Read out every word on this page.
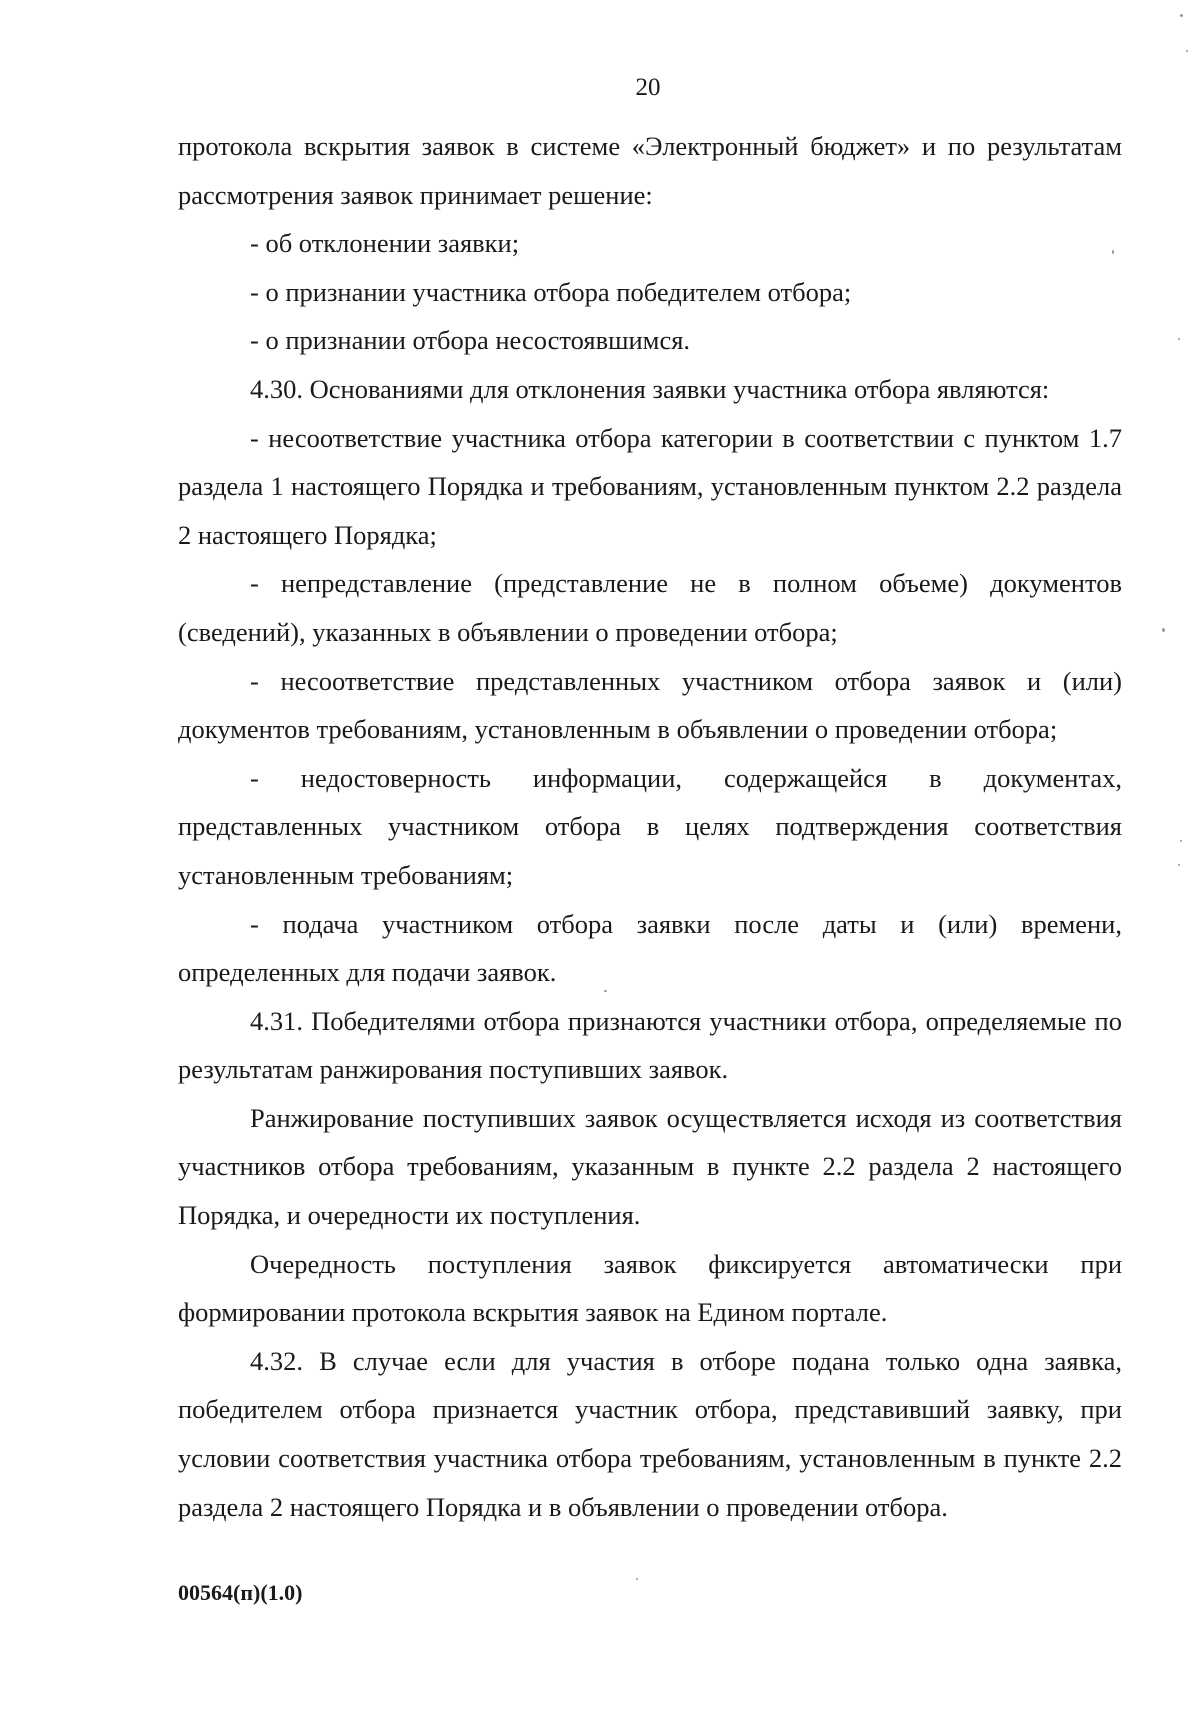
20

протокола вскрытия заявок в системе «Электронный бюджет» и по результатам рассмотрения заявок принимает решение:

- об отклонении заявки;

- о признании участника отбора победителем отбора;

- о признании отбора несостоявшимся.

4.30. Основаниями для отклонения заявки участника отбора являются:

- несоответствие участника отбора категории в соответствии с пунктом 1.7 раздела 1 настоящего Порядка и требованиям, установленным пунктом 2.2 раздела 2 настоящего Порядка;

- непредставление (представление не в полном объеме) документов (сведений), указанных в объявлении о проведении отбора;

- несоответствие представленных участником отбора заявок и (или) документов требованиям, установленным в объявлении о проведении отбора;

- недостоверность информации, содержащейся в документах, представленных участником отбора в целях подтверждения соответствия установленным требованиям;

- подача участником отбора заявки после даты и (или) времени, определенных для подачи заявок.

4.31. Победителями отбора признаются участники отбора, определяемые по результатам ранжирования поступивших заявок.

Ранжирование поступивших заявок осуществляется исходя из соответствия участников отбора требованиям, указанным в пункте 2.2 раздела 2 настоящего Порядка, и очередности их поступления.

Очередность поступления заявок фиксируется автоматически при формировании протокола вскрытия заявок на Едином портале.

4.32. В случае если для участия в отборе подана только одна заявка, победителем отбора признается участник отбора, представивший заявку, при условии соответствия участника отбора требованиям, установленным в пункте 2.2 раздела 2 настоящего Порядка и в объявлении о проведении отбора.

00564(п)(1.0)
